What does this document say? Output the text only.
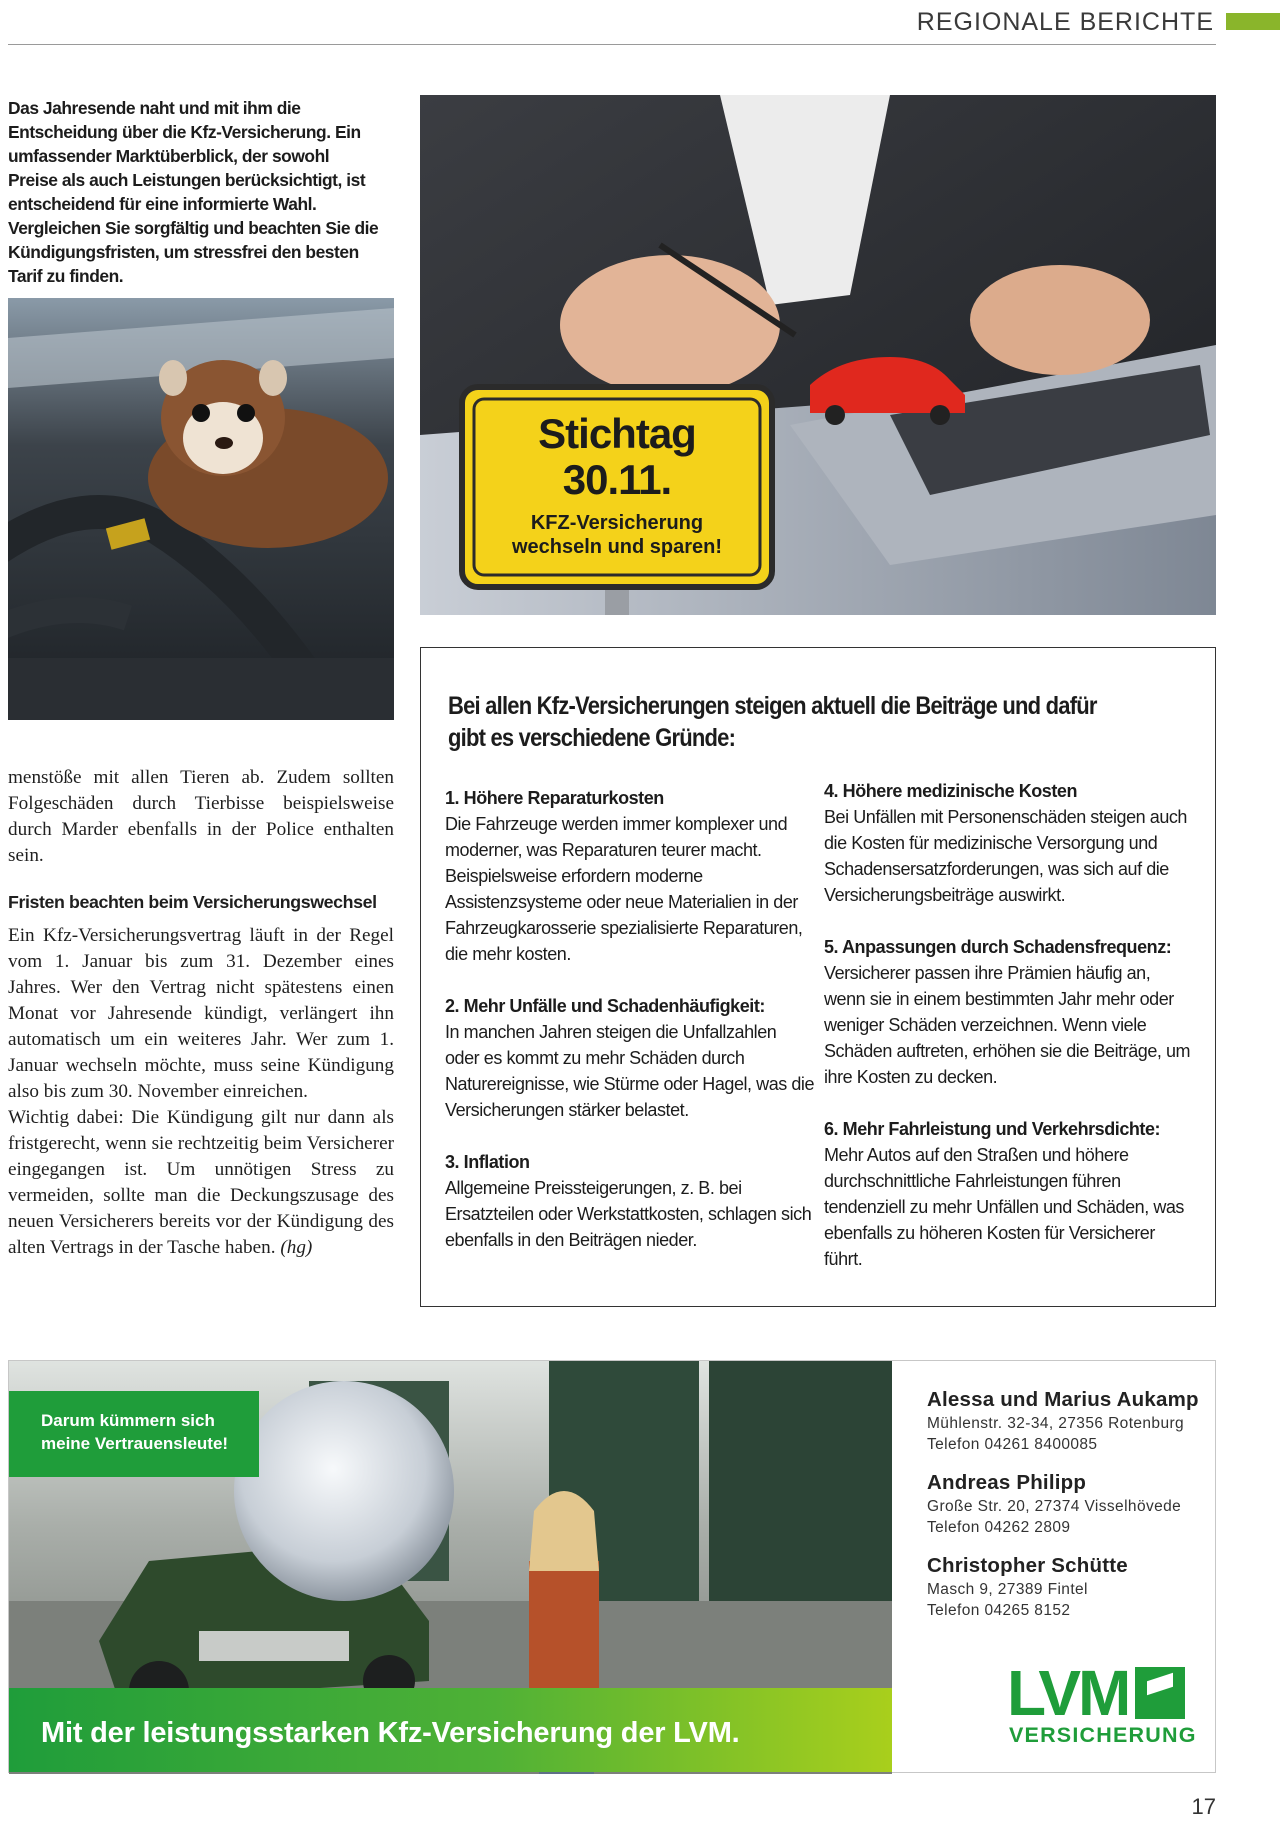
REGIONALE BERICHTE
Das Jahresende naht und mit ihm die Entscheidung über die Kfz-Versicherung. Ein umfassender Marktüberblick, der sowohl Preise als auch Leistungen berücksichtigt, ist entscheidend für eine informierte Wahl. Vergleichen Sie sorgfältig und beachten Sie die Kündigungsfristen, um stressfrei den besten Tarif zu finden.
Stichtag
30.11.
KFZ-Versicherung
wechseln und sparen!

menstöße mit allen Tieren ab. Zudem sollten Folgeschäden durch Tierbisse beispielsweise durch Marder ebenfalls in der Police enthalten sein.

Fristen beachten beim Versicherungswechsel

Ein Kfz-Versicherungsvertrag läuft in der Regel vom 1. Januar bis zum 31. Dezember eines Jahres. Wer den Vertrag nicht spätestens einen Monat vor Jahresende kündigt, verlängert ihn automatisch um ein weiteres Jahr. Wer zum 1. Januar wechseln möchte, muss seine Kündigung also bis zum 30. November einreichen.

Wichtig dabei: Die Kündigung gilt nur dann als fristgerecht, wenn sie rechtzeitig beim Versicherer eingegangen ist. Um unnötigen Stress zu vermeiden, sollte man die Deckungszusage des neuen Versicherers bereits vor der Kündigung des alten Vertrags in der Tasche haben. (hg)

Bei allen Kfz-Versicherungen steigen aktuell die Beiträge und dafür gibt es verschiedene Gründe:
1. Höhere Reparaturkosten
Die Fahrzeuge werden immer komplexer und moderner, was Reparaturen teurer macht. Beispielsweise erfordern moderne Assistenzsysteme oder neue Materialien in der Fahrzeugkarosserie spezialisierte Reparaturen, die mehr kosten.
2. Mehr Unfälle und Schadenhäufigkeit:
In manchen Jahren steigen die Unfallzahlen oder es kommt zu mehr Schäden durch Naturereignisse, wie Stürme oder Hagel, was die Versicherungen stärker belastet.
3. Inflation
Allgemeine Preissteigerungen, z. B. bei Ersatzteilen oder Werkstattkosten, schlagen sich ebenfalls in den Beiträgen nieder.
4. Höhere medizinische Kosten
Bei Unfällen mit Personenschäden steigen auch die Kosten für medizinische Versorgung und Schadensersatzforderungen, was sich auf die Versicherungsbeiträge auswirkt.
5. Anpassungen durch Schadensfrequenz:
Versicherer passen ihre Prämien häufig an, wenn sie in einem bestimmten Jahr mehr oder weniger Schäden verzeichnen. Wenn viele Schäden auftreten, erhöhen sie die Beiträge, um ihre Kosten zu decken.
6. Mehr Fahrleistung und Verkehrsdichte:
Mehr Autos auf den Straßen und höhere durchschnittliche Fahrleistungen führen tendenziell zu mehr Unfällen und Schäden, was ebenfalls zu höheren Kosten für Versicherer führt.
Darum kümmern sich
meine Vertrauensleute!
Mit der leistungsstarken Kfz-Versicherung der LVM.
Alessa und Marius Aukamp
Mühlenstr. 32-34, 27356 Rotenburg
Telefon 04261 8400085
Andreas Philipp
Große Str. 20, 27374 Visselhövede
Telefon 04262 2809
Christopher Schütte
Masch 9, 27389 Fintel
Telefon 04265 8152
LVM
VERSICHERUNG
17
